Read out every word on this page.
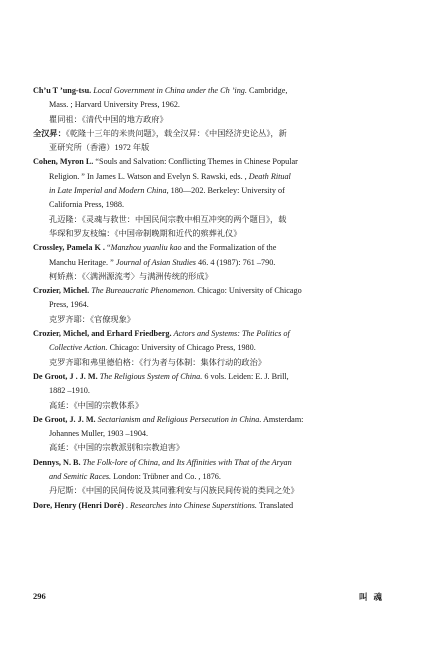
Ch’u T ’ung-tsu. Local Government in China under the Ch ’ing. Cambridge,
Mass. ; Harvard University Press, 1962.
瞿同祖：《清代中国的地方政府》
全汉昇：《乾隆十三年的米贵问题》，载全汉昇：《中国经济史论丛》，新
亚研究所（香港）1972 年版
Cohen, Myron L. “Souls and Salvation: Conflicting Themes in Chinese Popular
Religion. ” In James L. Watson and Evelyn S. Rawski, eds. , Death Ritual
in Late Imperial and Modern China, 180—202. Berkeley: University of
California Press, 1988.
孔迈隆：《灵魂与救世：中国民间宗教中相互冲突的两个题目》，载
华琛和罗友枝编：《中国帝制晚期和近代的殡葬礼仪》
Crossley, Pamela K . “Manzhou yuanliu kao and the Formalization of the
Manchu Heritage. ” Journal of Asian Studies 46. 4 (1987): 761 –790.
柯娇燕：《〈满洲源流考〉与满洲传统的形成》
Crozier, Michel. The Bureaucratic Phenomenon. Chicago: University of Chicago
Press, 1964.
克罗齐耶：《官僚现象》
Crozier, Michel, and Erhard Friedberg. Actors and Systems: The Politics of
Collective Action. Chicago: University of Chicago Press, 1980.
克罗齐耶和弗里德伯格：《行为者与体制：集体行动的政治》
De Groot, J . J. M. The Religious System of China. 6 vols. Leiden: E. J. Brill,
1882 –1910.
高延：《中国的宗教体系》
De Groot, J. J. M. Sectarianism and Religious Persecution in China. Amsterdam:
Johannes Muller, 1903 –1904.
高延：《中国的宗教派别和宗教迫害》
Dennys, N. B. The Folk-lore of China, and Its Affinities with That of the Aryan
and Semitic Races. London: Trübner and Co. , 1876.
丹尼斯：《中国的民间传说及其同雅利安与闪族民间传说的类同之处》
Dore, Henry (Henri Doré) . Researches into Chinese Superstitions. Translated
296	叫魂
